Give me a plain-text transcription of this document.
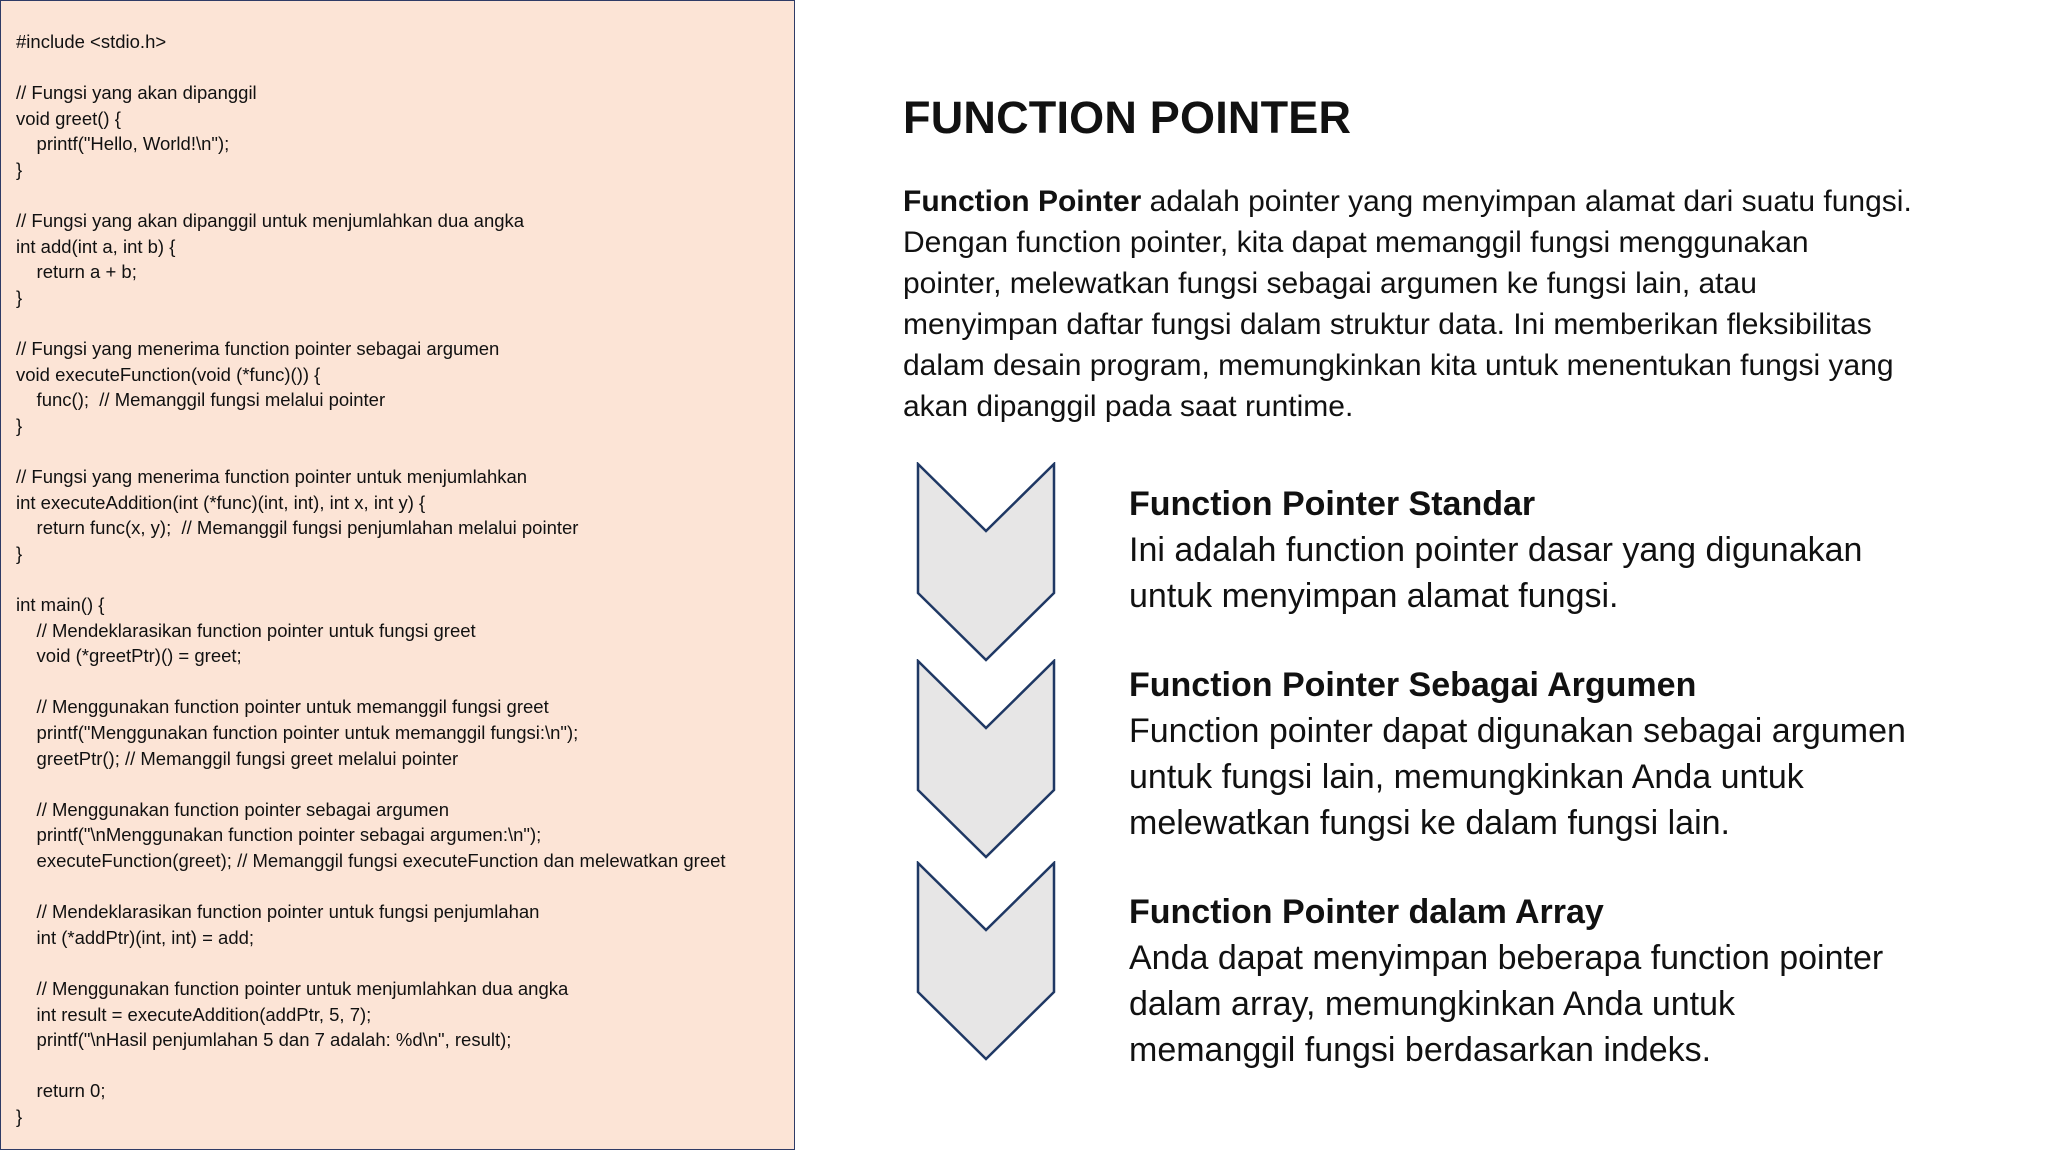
#include <stdio.h>

// Fungsi yang akan dipanggil
void greet() {
printf("Hello, World!\n");
}

// Fungsi yang akan dipanggil untuk menjumlahkan dua angka
int add(int a, int b) {
return a + b;
}

// Fungsi yang menerima function pointer sebagai argumen
void executeFunction(void (*func)()) {
func();  // Memanggil fungsi melalui pointer
}

// Fungsi yang menerima function pointer untuk menjumlahkan
int executeAddition(int (*func)(int, int), int x, int y) {
return func(x, y);  // Memanggil fungsi penjumlahan melalui pointer
}

int main() {
// Mendeklarasikan function pointer untuk fungsi greet
void (*greetPtr)() = greet;

// Menggunakan function pointer untuk memanggil fungsi greet
printf("Menggunakan function pointer untuk memanggil fungsi:\n");
greetPtr(); // Memanggil fungsi greet melalui pointer

// Menggunakan function pointer sebagai argumen
printf("\nMenggunakan function pointer sebagai argumen:\n");
executeFunction(greet); // Memanggil fungsi executeFunction dan melewatkan greet

// Mendeklarasikan function pointer untuk fungsi penjumlahan
int (*addPtr)(int, int) = add;

// Menggunakan function pointer untuk menjumlahkan dua angka
int result = executeAddition(addPtr, 5, 7);
printf("\nHasil penjumlahan 5 dan 7 adalah: %d\n", result);

return 0;
}
FUNCTION POINTER

Function Pointer adalah pointer yang menyimpan alamat dari suatu fungsi. Dengan function pointer, kita dapat memanggil fungsi menggunakan pointer, melewatkan fungsi sebagai argumen ke fungsi lain, atau menyimpan daftar fungsi dalam struktur data. Ini memberikan fleksibilitas dalam desain program, memungkinkan kita untuk menentukan fungsi yang akan dipanggil pada saat runtime.

Function Pointer Standar

Ini adalah function pointer dasar yang digunakan untuk menyimpan alamat fungsi.

Function Pointer Sebagai Argumen

Function pointer dapat digunakan sebagai argumen untuk fungsi lain, memungkinkan Anda untuk melewatkan fungsi ke dalam fungsi lain.

Function Pointer dalam Array

Anda dapat menyimpan beberapa function pointer dalam array, memungkinkan Anda untuk memanggil fungsi berdasarkan indeks.
